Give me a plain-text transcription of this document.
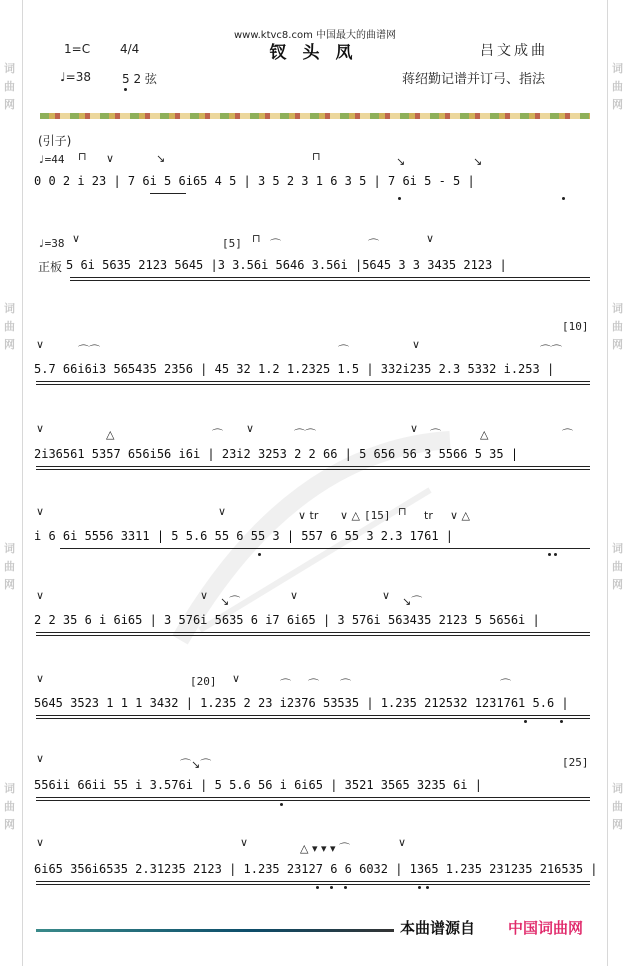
词
曲
网
词
曲
网
词
曲
网
词
曲
网
词
曲
网
词
曲
网
词
曲
网
词
曲
网
www.ktvc8.com 中国最大的曲谱网
钗头凤
1=C 4/4	吕文成曲
♩=38	5 2 弦	蒋绍勤记谱并订弓、指法
(引子)
♩=44
♩=38
正板
[5]
[10]
[15]
[20]
[25]
0 0 2 i 23 | 7 6i 5 6i65 4 5 | 3 5 2 3 1 6 3 5 | 7 6i 5 - 5 |
5 6i 5635 2123 5645 |3 3.56i 5646 3.56i |5645 3 3 3435 2123 |
5.7 66i6i3 565435 2356 | 45 32 1.2 1.2325 1.5 | 332i235 2.3 5332 i.253 |
2i36561 5357 656i56 i6i | 23i2 3253 2 2 66 | 5 656 56 3 5566 5 35 |
i 6 6i 5556 3311 | 5 5.6 55 6 55 3 | 557 6 55 3 2.3 1761 |
2 2 35 6 i 6i65 | 3 576i 5635 6 i7 6i65 | 3 576i 563435 2123 5 5656i |
5645 3523 1 1 1 3432 | 1.235 2 23 i2376 53535 | 1.235 212532 1231761 5.6 |
556ii 66ii 55 i 3.576i | 5 5.6 56 i 6i65 | 3521 3565 3235 6i |
6i65 356i6535 2.31235 2123 | 1.235 23127 6 6 6032 | 1365 1.235 231235 216535 |
⊓ ∨	↘	⊓	↘	↘
∨	⊓ ⌒	⌒	∨
∨	⌒⌒	⌒	∨	⌒⌒
∨	△	⌒ ∨	⌒⌒	∨ ⌒	△	⌒
∨	∨	∨ tr ∨ △	⊓ tr ∨ △
∨	∨ ↘⌒	∨	∨ ↘⌒
∨	∨	⌒ ⌒ ⌒	⌒
∨	⌒↘⌒
∨	∨	△ ▾ ▾ ▾ ⌒	∨
本曲谱源自 中国词曲网
